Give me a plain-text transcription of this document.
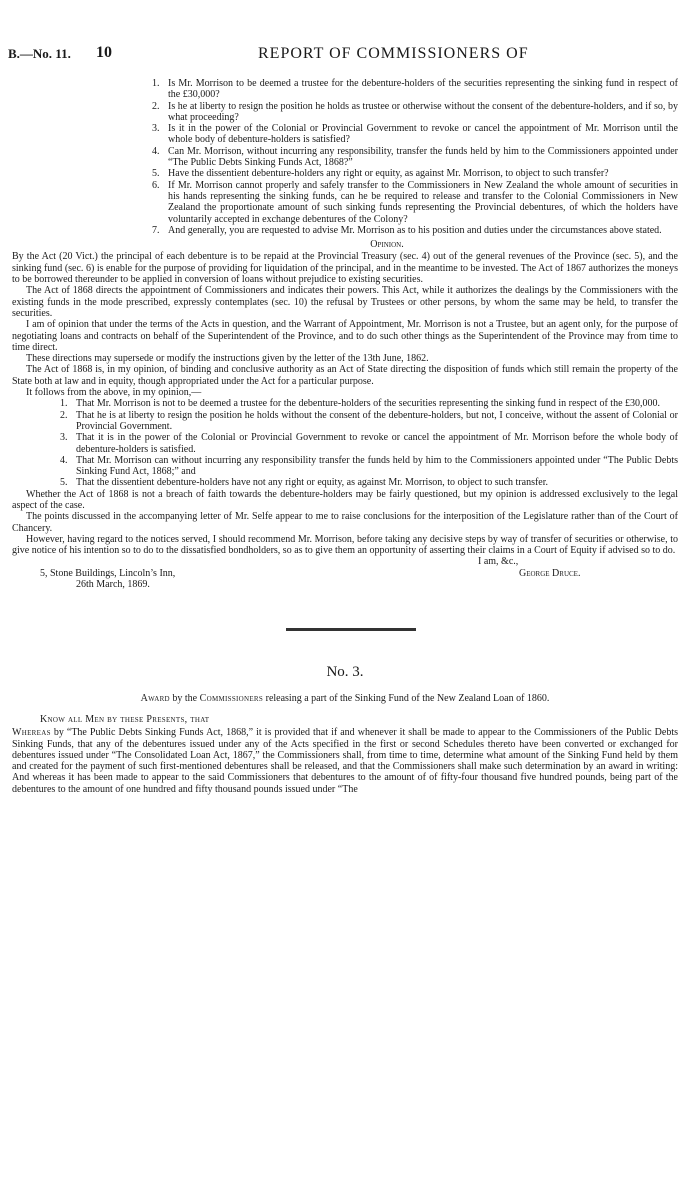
B.—No. 11. 10	REPORT OF COMMISSIONERS OF
1. Is Mr. Morrison to be deemed a trustee for the debenture-holders of the securities representing the sinking fund in respect of the £30,000?
2. Is he at liberty to resign the position he holds as trustee or otherwise without the consent of the debenture-holders, and if so, by what proceeding?
3. Is it in the power of the Colonial or Provincial Government to revoke or cancel the appointment of Mr. Morrison until the whole body of debenture-holders is satisfied?
4. Can Mr. Morrison, without incurring any responsibility, transfer the funds held by him to the Commissioners appointed under “The Public Debts Sinking Funds Act, 1868?”
5. Have the dissentient debenture-holders any right or equity, as against Mr. Morrison, to object to such transfer?
6. If Mr. Morrison cannot properly and safely transfer to the Commissioners in New Zealand the whole amount of securities in his hands representing the sinking funds, can he be required to release and transfer to the Colonial Commissioners in New Zealand the proportionate amount of such sinking funds representing the Provincial debentures, of which the holders have voluntarily accepted in exchange debentures of the Colony?
7. And generally, you are requested to advise Mr. Morrison as to his position and duties under the circumstances above stated.
Opinion.

By the Act (20 Vict.) the principal of each debenture is to be repaid at the Provincial Treasury (sec. 4) out of the general revenues of the Province (sec. 5), and the sinking fund (sec. 6) is enable for the purpose of providing for liquidation of the principal, and in the meantime to be invested. The Act of 1867 authorizes the moneys to be borrowed thereunder to be applied in conversion of loans without prejudice to existing securities.

The Act of 1868 directs the appointment of Commissioners and indicates their powers. This Act, while it authorizes the dealings by the Commissioners with the existing funds in the mode prescribed, expressly contemplates (sec. 10) the refusal by Trustees or other persons, by whom the same may be held, to transfer the securities.

I am of opinion that under the terms of the Acts in question, and the Warrant of Appointment, Mr. Morrison is not a Trustee, but an agent only, for the purpose of negotiating loans and contracts on behalf of the Superintendent of the Province, and to do such other things as the Superintendent of the Province may from time to time direct.

These directions may supersede or modify the instructions given by the letter of the 13th June, 1862.

The Act of 1868 is, in my opinion, of binding and conclusive authority as an Act of State directing the disposition of funds which still remain the property of the State both at law and in equity, though appropriated under the Act for a particular purpose.

It follows from the above, in my opinion,—

1. That Mr. Morrison is not to be deemed a trustee for the debenture-holders of the securities representing the sinking fund in respect of the £30,000.
2. That he is at liberty to resign the position he holds without the consent of the debenture-holders, but not, I conceive, without the assent of Colonial or Provincial Government.
3. That it is in the power of the Colonial or Provincial Government to revoke or cancel the appointment of Mr. Morrison before the whole body of debenture-holders is satisfied.
4. That Mr. Morrison can without incurring any responsibility transfer the funds held by him to the Commissioners appointed under “The Public Debts Sinking Fund Act, 1868;” and
5. That the dissentient debenture-holders have not any right or equity, as against Mr. Morrison, to object to such transfer.

Whether the Act of 1868 is not a breach of faith towards the debenture-holders may be fairly questioned, but my opinion is addressed exclusively to the legal aspect of the case.

The points discussed in the accompanying letter of Mr. Selfe appear to me to raise conclusions for the interposition of the Legislature rather than of the Court of Chancery.

However, having regard to the notices served, I should recommend Mr. Morrison, before taking any decisive steps by way of transfer of securities or otherwise, to give notice of his intention so to do to the dissatisfied bondholders, so as to give them an opportunity of asserting their claims in a Court of Equity if advised so to do.

I am, &c.,
5, Stone Buildings, Lincoln’s Inn,	George Druce.
26th March, 1869.
No. 3.
Award by the Commissioners releasing a part of the Sinking Fund of the New Zealand Loan of 1860.

Know all Men by these Presents, that

Whereas by “The Public Debts Sinking Funds Act, 1868,” it is provided that if and whenever it shall be made to appear to the Commissioners of the Public Debts Sinking Funds, that any of the debentures issued under any of the Acts specified in the first or second Schedules thereto have been converted or exchanged for debentures issued under “The Consolidated Loan Act, 1867,” the Commissioners shall, from time to time, determine what amount of the Sinking Fund held by them and created for the payment of such first-mentioned debentures shall be released, and that the Commissioners shall make such determination by an award in writing: And whereas it has been made to appear to the said Commissioners that debentures to the amount of of fifty-four thousand five hundred pounds, being part of the debentures to the amount of one hundred and fifty thousand pounds issued under “The
